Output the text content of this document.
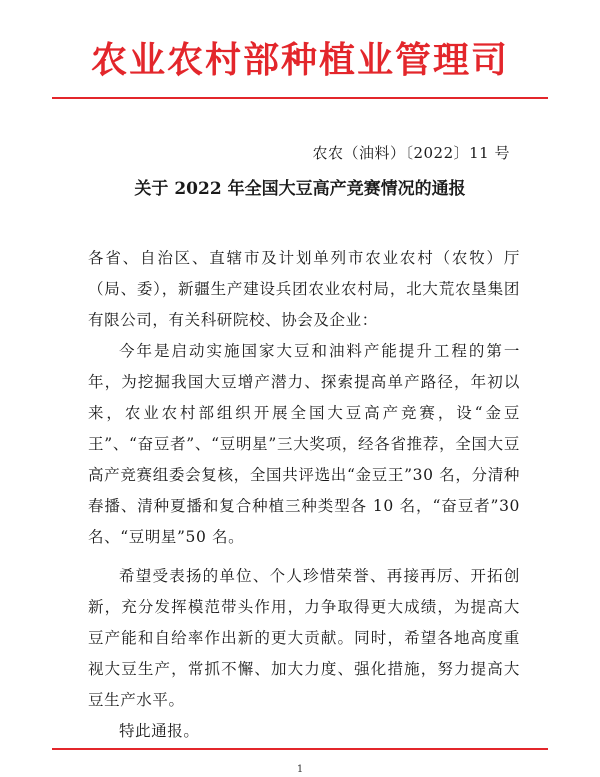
农业农村部种植业管理司
农农（油料）〔2022〕11 号
关于 2022 年全国大豆高产竞赛情况的通报

各省、自治区、直辖市及计划单列市农业农村（农牧）厅（局、委），新疆生产建设兵团农业农村局，北大荒农垦集团有限公司，有关科研院校、协会及企业：

今年是启动实施国家大豆和油料产能提升工程的第一年，为挖掘我国大豆增产潜力、探索提高单产路径，年初以来，农业农村部组织开展全国大豆高产竞赛，设“金豆王”、“奋豆者”、“豆明星”三大奖项，经各省推荐，全国大豆高产竞赛组委会复核，全国共评选出“金豆王”30 名，分清种春播、清种夏播和复合种植三种类型各 10 名，“奋豆者”30 名、“豆明星”50 名。

希望受表扬的单位、个人珍惜荣誉、再接再厉、开拓创新，充分发挥模范带头作用，力争取得更大成绩，为提高大豆产能和自给率作出新的更大贡献。同时，希望各地高度重视大豆生产，常抓不懈、加大力度、强化措施，努力提高大豆生产水平。

特此通报。

1
